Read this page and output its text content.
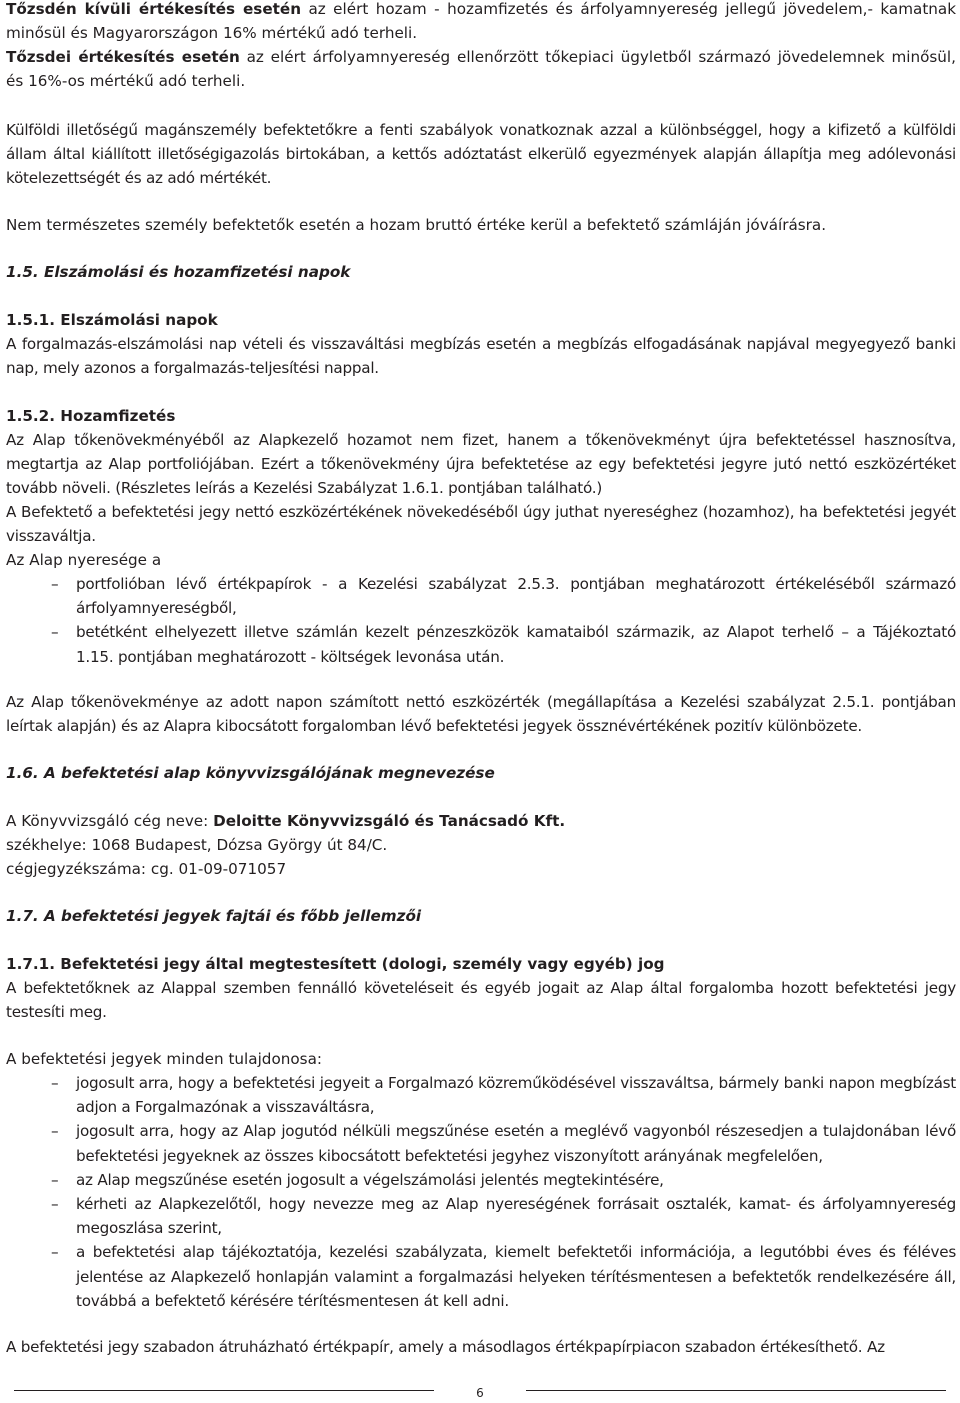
Tőzsdén kívüli értékesítés esetén az elért hozam - hozamfizetés és árfolyamnyereség jellegű jövedelem,- kamatnak minősül és Magyarországon 16% mértékű adó terheli.

Tőzsdei értékesítés esetén az elért árfolyamnyereség ellenőrzött tőkepiaci ügyletből származó jövedelemnek minősül, és 16%-os mértékű adó terheli.

Külföldi illetőségű magánszemély befektetőkre a fenti szabályok vonatkoznak azzal a különbséggel, hogy a kifizető a külföldi állam által kiállított illetőségigazolás birtokában, a kettős adóztatást elkerülő egyezmények alapján állapítja meg adólevonási kötelezettségét és az adó mértékét.

Nem természetes személy befektetők esetén a hozam bruttó értéke kerül a befektető számláján jóváírásra.

1.5. Elszámolási és hozamfizetési napok
1.5.1. Elszámolási napok

A forgalmazás-elszámolási nap vételi és visszaváltási megbízás esetén a megbízás elfogadásának napjával megyegyező banki nap, mely azonos a forgalmazás-teljesítési nappal.

1.5.2. Hozamfizetés

Az Alap tőkenövekményéből az Alapkezelő hozamot nem fizet, hanem a tőkenövekményt újra befektetéssel hasznosítva, megtartja az Alap portfoliójában. Ezért a tőkenövekmény újra befektetése az egy befektetési jegyre jutó nettó eszközértéket tovább növeli. (Részletes leírás a Kezelési Szabályzat 1.6.1. pontjában található.)

A Befektető a befektetési jegy nettó eszközértékének növekedéséből úgy juthat nyereséghez (hozamhoz), ha befektetési jegyét visszaváltja.

Az Alap nyeresége a

– portfolióban lévő értékpapírok - a Kezelési szabályzat 2.5.3. pontjában meghatározott értékeléséből származó árfolyamnyereségből,
– betétként elhelyezett illetve számlán kezelt pénzeszközök kamataiból származik, az Alapot terhelő – a Tájékoztató 1.15. pontjában meghatározott - költségek levonása után.

Az Alap tőkenövekménye az adott napon számított nettó eszközérték (megállapítása a Kezelési szabályzat 2.5.1. pontjában leírtak alapján) és az Alapra kibocsátott forgalomban lévő befektetési jegyek össznévértékének pozitív különbözete.

1.6. A befektetési alap könyvvizsgálójának megnevezése

A Könyvvizsgáló cég neve: Deloitte Könyvvizsgáló és Tanácsadó Kft.

székhelye: 1068 Budapest, Dózsa György út 84/C.

cégjegyzékszáma: cg. 01-09-071057

1.7. A befektetési jegyek fajtái és főbb jellemzői
1.7.1. Befektetési jegy által megtestesített (dologi, személy vagy egyéb) jog

A befektetőknek az Alappal szemben fennálló követeléseit és egyéb jogait az Alap által forgalomba hozott befektetési jegy testesíti meg.

A befektetési jegyek minden tulajdonosa:

– jogosult arra, hogy a befektetési jegyeit a Forgalmazó közreműködésével visszaváltsa, bármely banki napon megbízást adjon a Forgalmazónak a visszaváltásra,
– jogosult arra, hogy az Alap jogutód nélküli megszűnése esetén a meglévő vagyonból részesedjen a tulajdonában lévő befektetési jegyeknek az összes kibocsátott befektetési jegyhez viszonyított arányának megfelelően,
– az Alap megszűnése esetén jogosult a végelszámolási jelentés megtekintésére,
– kérheti az Alapkezelőtől, hogy nevezze meg az Alap nyereségének forrásait osztalék, kamat- és árfolyamnyereség megoszlása szerint,
– a befektetési alap tájékoztatója, kezelési szabályzata, kiemelt befektetői információja, a legutóbbi éves és féléves jelentése az Alapkezelő honlapján valamint a forgalmazási helyeken térítésmentesen a befektetők rendelkezésére áll, továbbá a befektető kérésére térítésmentesen át kell adni.

A befektetési jegy szabadon átruházható értékpapír, amely a másodlagos értékpapírpiacon szabadon értékesíthető. Az

6
